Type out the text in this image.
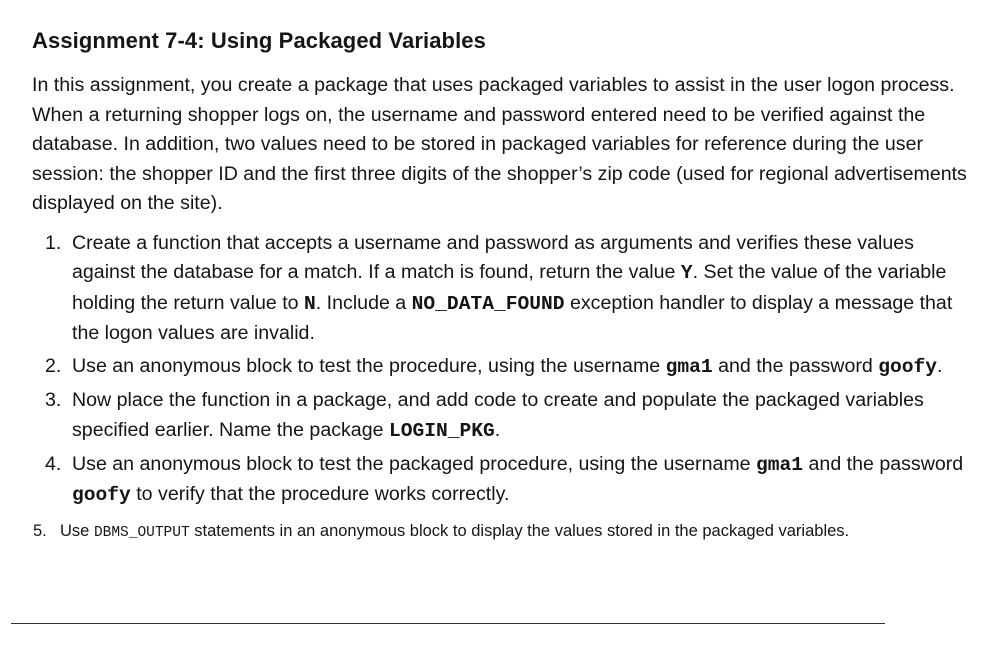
Assignment 7-4: Using Packaged Variables

In this assignment, you create a package that uses packaged variables to assist in the user logon process. When a returning shopper logs on, the username and password entered need to be verified against the database. In addition, two values need to be stored in packaged variables for reference during the user session: the shopper ID and the first three digits of the shopper’s zip code (used for regional advertisements displayed on the site).

1. Create a function that accepts a username and password as arguments and verifies these values against the database for a match. If a match is found, return the value Y. Set the value of the variable holding the return value to N. Include a NO_DATA_FOUND exception handler to display a message that the logon values are invalid.
2. Use an anonymous block to test the procedure, using the username gma1 and the password goofy.
3. Now place the function in a package, and add code to create and populate the packaged variables specified earlier. Name the package LOGIN_PKG.
4. Use an anonymous block to test the packaged procedure, using the username gma1 and the password goofy to verify that the procedure works correctly.
5. Use DBMS_OUTPUT statements in an anonymous block to display the values stored in the packaged variables.
